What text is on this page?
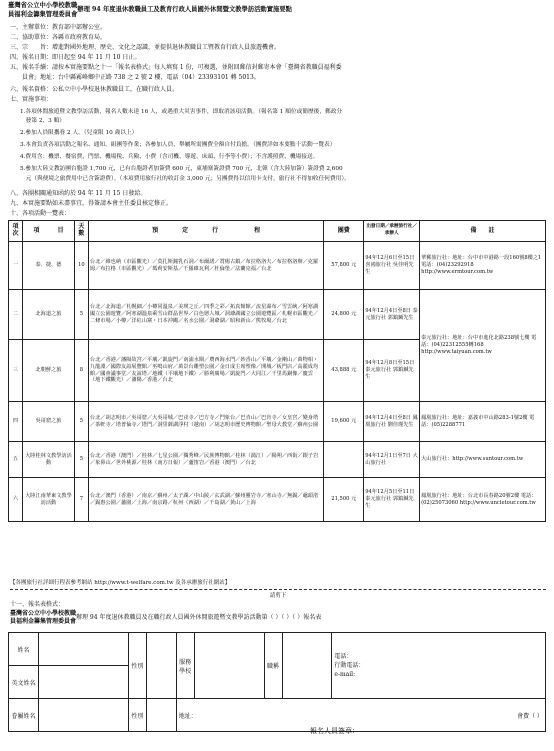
臺灣省公立中小學校教職
員福利金籌集管理委員會
辦理 94 年度退休教職員工及教育行政人員國外休閒暨文教學訪活動實施要點
一、主辦單位：教育部中部辦公室。
二、協助單位：各縣市政府教育局。
三、宗　　旨：增進對國外地理、歷史、文化之認識，並提供退休教職員工暨教育行政人員旅遊機會。
四、報名日期：即日起至 94 年 11 月 10 日止。
五、報名手續：請按本實施要點之十一「報名表格式」每人填寫 1 份，可複選，並附回郵信封郵寄本會「臺灣省教職員福利委
　　員會」地址：台中縣霧峰鄉中正路 738 之 2 號 2 樓，電話（04）23393101 轉 5013。
六、報名資格：公私立中小學校退休教職員工，在職行政人員。
七、實施事項：
1.各項休閒旅遊暨文教學訪活動，報名人數未達 16 人，或遇重大災害事件，即取消該項活動。（報名第 1 順位或簡歷後，郵政分
　發第 2、3 順）
2.參加人員限攜眷 2 人。（兒童限 10 歲以上）
3.本會負責各項活動之報名、通知、組團等作業；各參加人員，舉屬所需團費全額自付負擔。（團費詳如本要點十活動一覽表）
4.費用含：機票、餐宿費、門票、機場稅、兵險、小費（含司機、導遊、床頭、行李等小費）；不含護照費、機場接送。
5.參加大陸文教訪團台胞證 1,700 元，已有台胞證者加簽費 600 元，東埔寨簽證費 700 元，北韓（含大陸加簽）簽證費 2,600
　元（與便境之旅費用中已含簽證費）。（本項費用旅行社的收訂金 3,000 元；另團費得以信用卡支付，旅行社不得加收任何費用）。
八、各團相關通知函約於 94 年 11 月 15 日發給。
九、本實施要點如未盡事宜，得簽請本會主任委員核定修正。
十、各項活動一覽表：
項次	項　　　目	天數	預　　　　定　　　　行　　　　　　程	團費	出發日期／承辦旅行社／承辦人	備　　註
一	泰、捷、德	10	台北／維也納（市區觀光）／莫扎斯鐘乳石洞／布爾諾／賞楊古鎮／布拉格洛夫／布拉格洛辦／克羅姆／布拉格（市區觀光）／瑪莉安斯基／千羅維瓦利／杜倫堡／法蘭克福／台北	57,800 元	94年12月6日至15日 喜鴻旅行社 吳佳明先生	華郵旅行社：地址：台中市中港路一段160號8樓之1 電話：(04)23292918 http://www.ermtour.com.tw
二	北海道之旅	5	台北／北海道／札幌細／小樽同溫泉／美瑛之丘／四季之彩／拓真館館／流星瀑布／雪雲峽／阿寒湖國立公園遊覽／阿寒湖溫泉乘雪山群晶世界／白色戀人城／洞爺湖國立公園遊覽區／札幌市區觀光／二條市場／小樽／洋紅山寨・日本沖繩／名水公園／洞爺湖／昭和新山／熊牧場／台北	24,800 元	94年12月4日至8日 泰元旅行社 郭鎮鍼先生	泰元旅行社：地址：台中市進化北路238號七樓 電話：(04)22312555轉168 http://www.taiyuan.com.tw
三	北朝鮮之旅	8	台北／香港／瀋陽故宮／平壤／凱旋門／南浦水閘／農西海水門／妙香山／平壤／金剛山／萬物相・九龍淵／國際友誼展覽館／巫鳴山府／萬景台雕塑公園／金日成主席塑像／開城／板門店／高麗成均館／國會議事堂／友誼塔／地鐵（平壤地下鐵）／勝利廣場／凱旋門／大同江／千里馬銅像／慶雲（地下鐵觀光）／瀋陽／香港／台北	43,888 元	94年12月8日至15日 泰元旅行社 郭鎮鍼先生	
四	吳哥窟之旅	5	台北／胡志明市／吳哥窟／大吳哥城／巴戎寺／巴方寺／鬥象台／巴肯山／巴肯寺／女皇宮／變身塔／茶軒寺／塔普倫寺／塔門／洞里薩湖浮村（越南）／胡志明市歷史博物館／聖母大教堂／蘇州公園	19,600 元	94年12月4日至8日 鳳凰旅行社 劉佳瑾先生	鳳凰旅行社：地址：嘉義市中山路283-1號2樓 電話：(05)2288771
五	大陸桂林文教學訪活動	5	台北／香港（澳門）／桂林／七星公園／獨秀峰／民族博物館／桂林（漓江）／陽朔／西街／銀子岩／象鼻山／世外桃源／桂林（南方日報）／蘆笛岩／香港（澳門）／台北		94年12月1日至7日 大山旅行社	大山旅行社：http://www.suntour.com.tw
六	大陸江南華東文教學訪活動	7	台北／澳門（香港）／南京／蘇州／太子湖／中山陵／玄武湖／蘇州靈岩寺／寒山寺／無錫／黿頭渚／錫惠公園／蠡園／上海／南京路／杭州（西湖）／千島湖／黃山／上海	21,500 元	94年12月5日至11日 泰元旅行社 郭鎮鍼先生	鳳凰旅行社：地址：台北市長春路20號2樓 電話：(02)25073060 http://www.uncletour.com.tw
【各團旅行社詳細行程表參考網站 http://www.t-welfare.com.tw 及各承辦旅行社網站】
請剪下
十一、報名表格式：
臺灣省公立中小學校教職
員福利金籌集管理委員會
辦理 94 年度退休教職員及在職行政人員國外休閒旅遊暨文教學訪 活動第（ ）（ ）（ ）報名表
姓名		性別		服務學校		職稱		電話：
行動電話：
e-mail:

英文姓名								
眷屬姓名		性別		地址： 會費（ ）				
報名人員簽章：
